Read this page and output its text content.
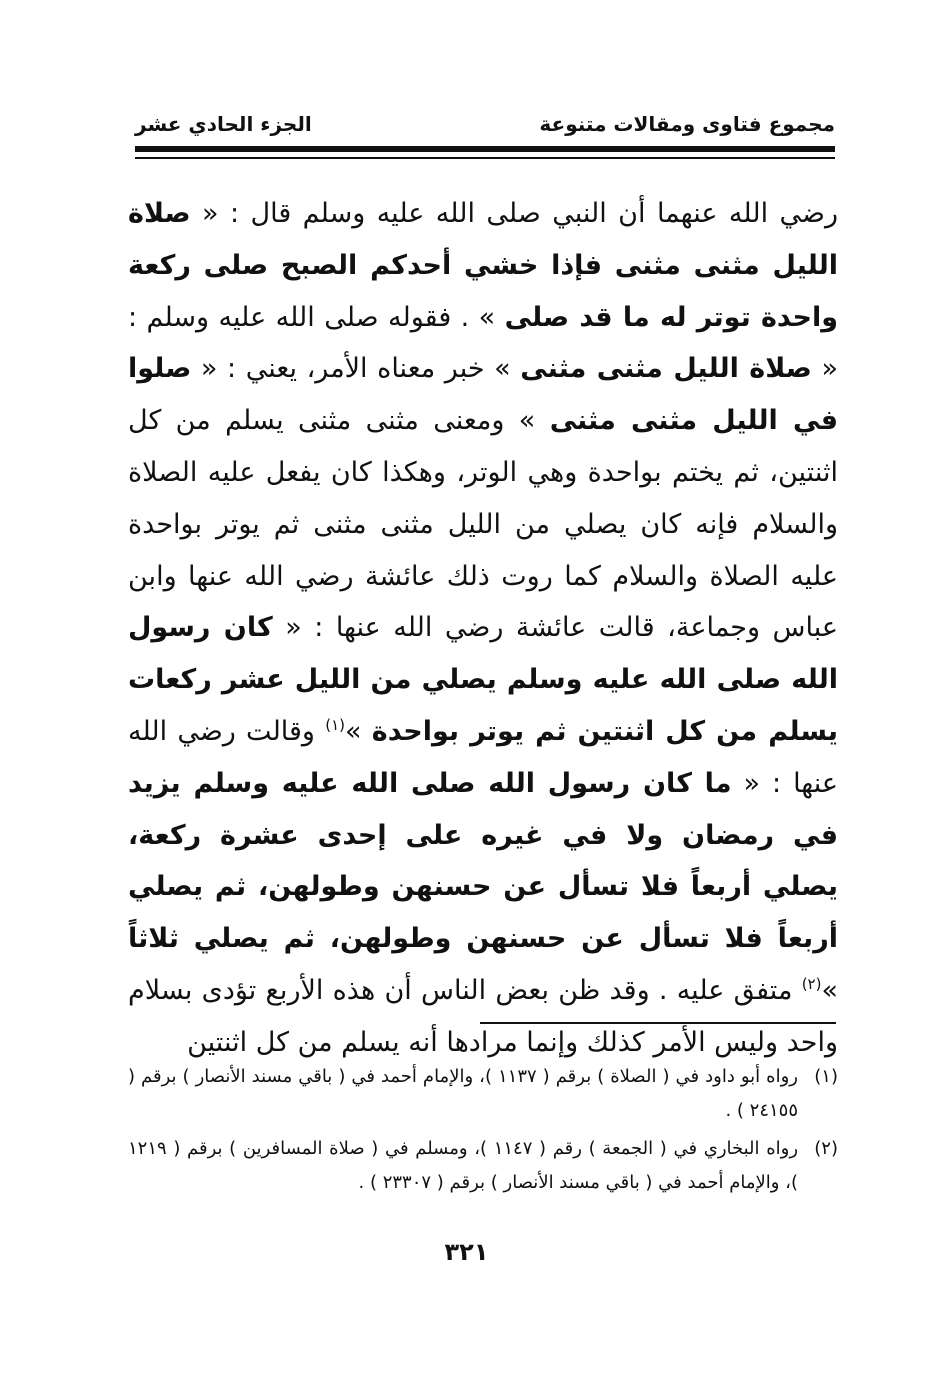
مجموع فتاوى ومقالات متنوعة
الجزء الحادي عشر
رضي الله عنهما أن النبي صلى الله عليه وسلم قال : « صلاة الليل مثنى مثنى فإذا خشي أحدكم الصبح صلى ركعة واحدة توتر له ما قد صلى » . فقوله صلى الله عليه وسلم : « صلاة الليل مثنى مثنى » خبر معناه الأمر، يعني : « صلوا في الليل مثنى مثنى » ومعنى مثنى مثنى يسلم من كل اثنتين، ثم يختم بواحدة وهي الوتر، وهكذا كان يفعل عليه الصلاة والسلام فإنه كان يصلي من الليل مثنى مثنى ثم يوتر بواحدة عليه الصلاة والسلام كما روت ذلك عائشة رضي الله عنها وابن عباس وجماعة، قالت عائشة رضي الله عنها : « كان رسول الله صلى الله عليه وسلم يصلي من الليل عشر ركعات يسلم من كل اثنتين ثم يوتر بواحدة »$^{(١)}$ وقالت رضي الله عنها : « ما كان رسول الله صلى الله عليه وسلم يزيد في رمضان ولا في غيره على إحدى عشرة ركعة، يصلي أربعاً فلا تسأل عن حسنهن وطولهن، ثم يصلي أربعاً فلا تسأل عن حسنهن وطولهن، ثم يصلي ثلاثاً »$^{(٢)}$ متفق عليه . وقد ظن بعض الناس أن هذه الأربع تؤدى بسلام واحد وليس الأمر كذلك وإنما مرادها أنه يسلم من كل اثنتين
(١)
رواه أبو داود في ( الصلاة ) برقم ( ١١٣٧ )، والإمام أحمد في ( باقي مسند الأنصار ) برقم ( ٢٤١٥٥ ) .
(٢)
رواه البخاري في ( الجمعة ) رقم ( ١١٤٧ )، ومسلم في ( صلاة المسافرين ) برقم ( ١٢١٩ )، والإمام أحمد في ( باقي مسند الأنصار ) برقم ( ٢٣٣٠٧ ) .
٣٢١
